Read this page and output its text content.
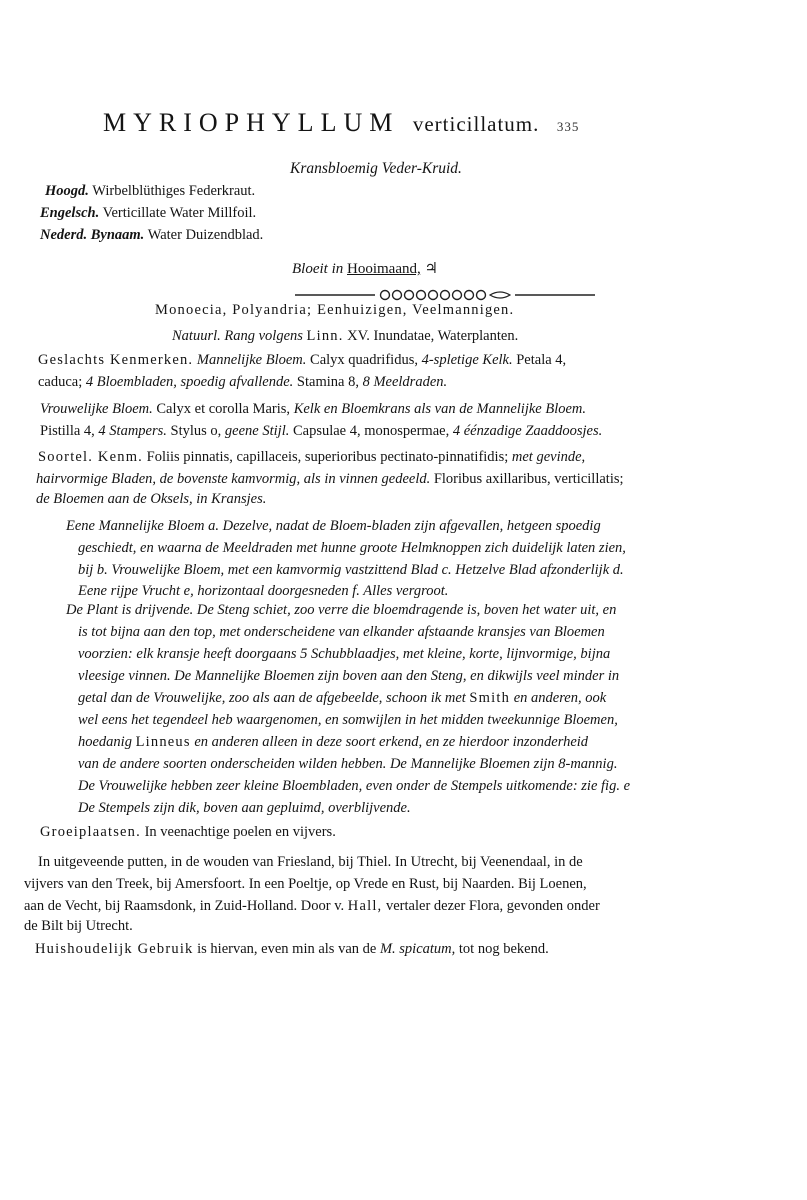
MYRIOPHYLLUM verticillatum. 335
Kransbloemig Veder-Kruid.
Hoogd. Wirbelblüthiges Federkraut.
Engelsch. Verticillate Water Millfoil.
Nederd. Bynaam. Water Duizendblad.
Bloeit in Hooimaand, ♃
Monoecia, Polyandria; Eenhuizigen, Veelmannigen.
Natuurl. Rang volgens Linn. XV. Inundatae, Waterplanten.
Geslachts Kenmerken. Mannelijke Bloem. Calyx quadrifidus, 4-spletige Kelk. Petala 4,
caduca; 4 Bloembladen, spoedig afvallende. Stamina 8, 8 Meeldraden.
Vrouwelijke Bloem. Calyx et corolla Maris, Kelk en Bloemkrans als van de Mannelijke Bloem.
Pistilla 4, 4 Stampers. Stylus o, geene Stijl. Capsulae 4, monospermae, 4 éénzadige Zaaddoosjes.
Soortel. Kenm. Foliis pinnatis, capillaceis, superioribus pectinato-pinnatifidis; met gevinde,
hairvormige Bladen, de bovenste kamvormig, als in vinnen gedeeld. Floribus axillaribus, verticillatis;
de Bloemen aan de Oksels, in Kransjes.
Eene Mannelijke Bloem a. Dezelve, nadat de Bloem-bladen zijn afgevallen, hetgeen spoedig
geschiedt, en waarna de Meeldraden met hunne groote Helmknoppen zich duidelijk laten zien,
bij b. Vrouwelijke Bloem, met een kamvormig vastzittend Blad c. Hetzelve Blad afzonderlijk d.
Eene rijpe Vrucht e, horizontaal doorgesneden f. Alles vergroot.
De Plant is drijvende. De Steng schiet, zoo verre die bloemdragende is, boven het water uit, en
is tot bijna aan den top, met onderscheidene van elkander afstaande kransjes van Bloemen
voorzien: elk kransje heeft doorgaans 5 Schubblaadjes, met kleine, korte, lijnvormige, bijna
vleesige vinnen. De Mannelijke Bloemen zijn boven aan den Steng, en dikwijls veel minder in
getal dan de Vrouwelijke, zoo als aan de afgebeelde, schoon ik met Smith en anderen, ook
wel eens het tegendeel heb waargenomen, en somwijlen in het midden tweekunnige Bloemen,
hoedanig Linneus en anderen alleen in deze soort erkend, en ze hierdoor inzonderheid
van de andere soorten onderscheiden wilden hebben. De Mannelijke Bloemen zijn 8-mannig.
De Vrouwelijke hebben zeer kleine Bloembladen, even onder de Stempels uitkomende: zie fig. e
De Stempels zijn dik, boven aan gepluimd, overblijvende.
Groeiplaatsen. In veenachtige poelen en vijvers.
In uitgeveende putten, in de wouden van Friesland, bij Thiel. In Utrecht, bij Veenendaal, in de
vijvers van den Treek, bij Amersfoort. In een Poeltje, op Vrede en Rust, bij Naarden. Bij Loenen,
aan de Vecht, bij Raamsdonk, in Zuid-Holland. Door v. Hall, vertaler dezer Flora, gevonden onder
de Bilt bij Utrecht.
Huishoudelijk Gebruik is hiervan, even min als van de M. spicatum, tot nog bekend.
